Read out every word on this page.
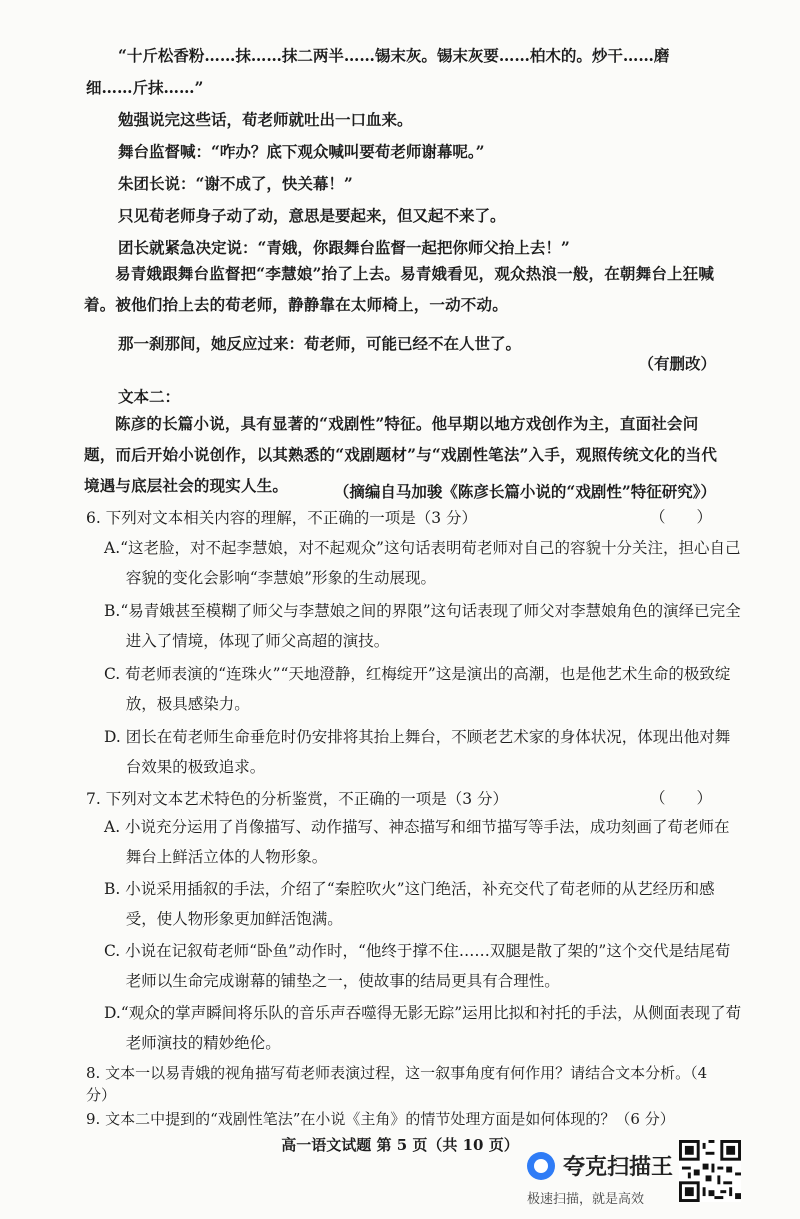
“十斤松香粉……抹……抹二两半……锡末灰。锡末灰要……柏木的。炒干……磨
细……斤抹……”
勉强说完这些话，荀老师就吐出一口血来。
舞台监督喊：“咋办？底下观众喊叫要荀老师谢幕呢。”
朱团长说：“谢不成了，快关幕！”
只见荀老师身子动了动，意思是要起来，但又起不来了。
团长就紧急决定说：“青娥，你跟舞台监督一起把你师父抬上去！”
易青娥跟舞台监督把“李慧娘”抬了上去。易青娥看见，观众热浪一般，在朝舞台上狂喊着。被他们抬上去的荀老师，静静靠在太师椅上，一动不动。
那一刹那间，她反应过来：荀老师，可能已经不在人世了。
（有删改）
文本二：
陈彦的长篇小说，具有显著的“戏剧性”特征。他早期以地方戏创作为主，直面社会问题，而后开始小说创作，以其熟悉的“戏剧题材”与“戏剧性笔法”入手，观照传统文化的当代境遇与底层社会的现实人生。	（摘编自马加骏《陈彦长篇小说的“戏剧性”特征研究》）
6. 下列对文本相关内容的理解，不正确的一项是（3 分）	（　　）
A.“这老脸，对不起李慧娘，对不起观众”这句话表明荀老师对自己的容貌十分关注，担心自己容貌的变化会影响“李慧娘”形象的生动展现。
B.“易青娥甚至模糊了师父与李慧娘之间的界限”这句话表现了师父对李慧娘角色的演绎已完全进入了情境，体现了师父高超的演技。
C. 荀老师表演的“连珠火”“天地澄静，红梅绽开”这是演出的高潮，也是他艺术生命的极致绽放，极具感染力。
D. 团长在荀老师生命垂危时仍安排将其抬上舞台，不顾老艺术家的身体状况，体现出他对舞台效果的极致追求。
7. 下列对文本艺术特色的分析鉴赏，不正确的一项是（3 分）	（　　）
A. 小说充分运用了肖像描写、动作描写、神态描写和细节描写等手法，成功刻画了荀老师在舞台上鲜活立体的人物形象。
B. 小说采用插叙的手法，介绍了“秦腔吹火”这门绝活，补充交代了荀老师的从艺经历和感受，使人物形象更加鲜活饱满。
C. 小说在记叙荀老师“卧鱼”动作时，“他终于撑不住……双腿是散了架的”这个交代是结尾荀老师以生命完成谢幕的铺垫之一，使故事的结局更具有合理性。
D.“观众的掌声瞬间将乐队的音乐声吞噬得无影无踪”运用比拟和衬托的手法，从侧面表现了荀老师演技的精妙绝伦。
8. 文本一以易青娥的视角描写荀老师表演过程，这一叙事角度有何作用？请结合文本分析。（4 分）
9. 文本二中提到的“戏剧性笔法”在小说《主角》的情节处理方面是如何体现的？（6 分）
高一语文试题 第 5 页（共 10 页）
夸克扫描王
极速扫描，就是高效
